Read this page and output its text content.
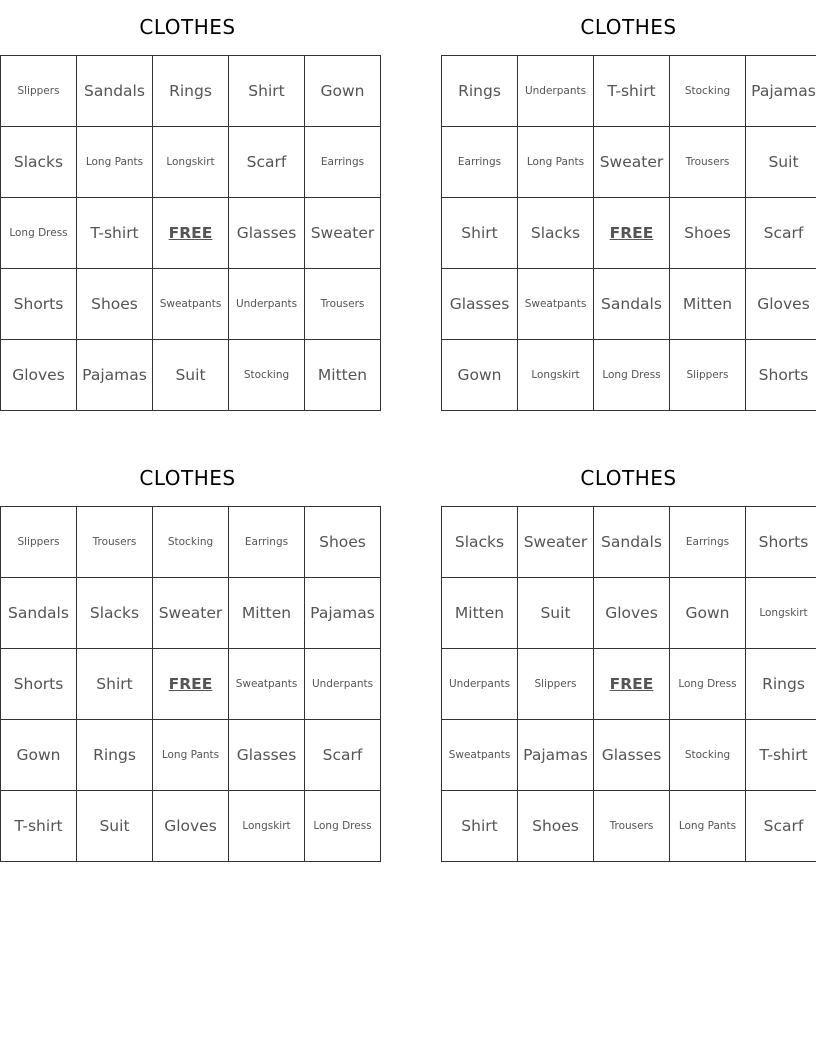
CLOTHES
Slippers	Sandals	Rings	Shirt	Gown
Slacks	Long Pants	Longskirt	Scarf	Earrings
Long Dress	T-shirt	FREE	Glasses	Sweater
Shorts	Shoes	Sweatpants	Underpants	Trousers
Gloves	Pajamas	Suit	Stocking	Mitten
CLOTHES
Rings	Underpants	T-shirt	Stocking	Pajamas
Earrings	Long Pants	Sweater	Trousers	Suit
Shirt	Slacks	FREE	Shoes	Scarf
Glasses	Sweatpants	Sandals	Mitten	Gloves
Gown	Longskirt	Long Dress	Slippers	Shorts
CLOTHES
Slippers	Trousers	Stocking	Earrings	Shoes
Sandals	Slacks	Sweater	Mitten	Pajamas
Shorts	Shirt	FREE	Sweatpants	Underpants
Gown	Rings	Long Pants	Glasses	Scarf
T-shirt	Suit	Gloves	Longskirt	Long Dress
CLOTHES
Slacks	Sweater	Sandals	Earrings	Shorts
Mitten	Suit	Gloves	Gown	Longskirt
Underpants	Slippers	FREE	Long Dress	Rings
Sweatpants	Pajamas	Glasses	Stocking	T-shirt
Shirt	Shoes	Trousers	Long Pants	Scarf
